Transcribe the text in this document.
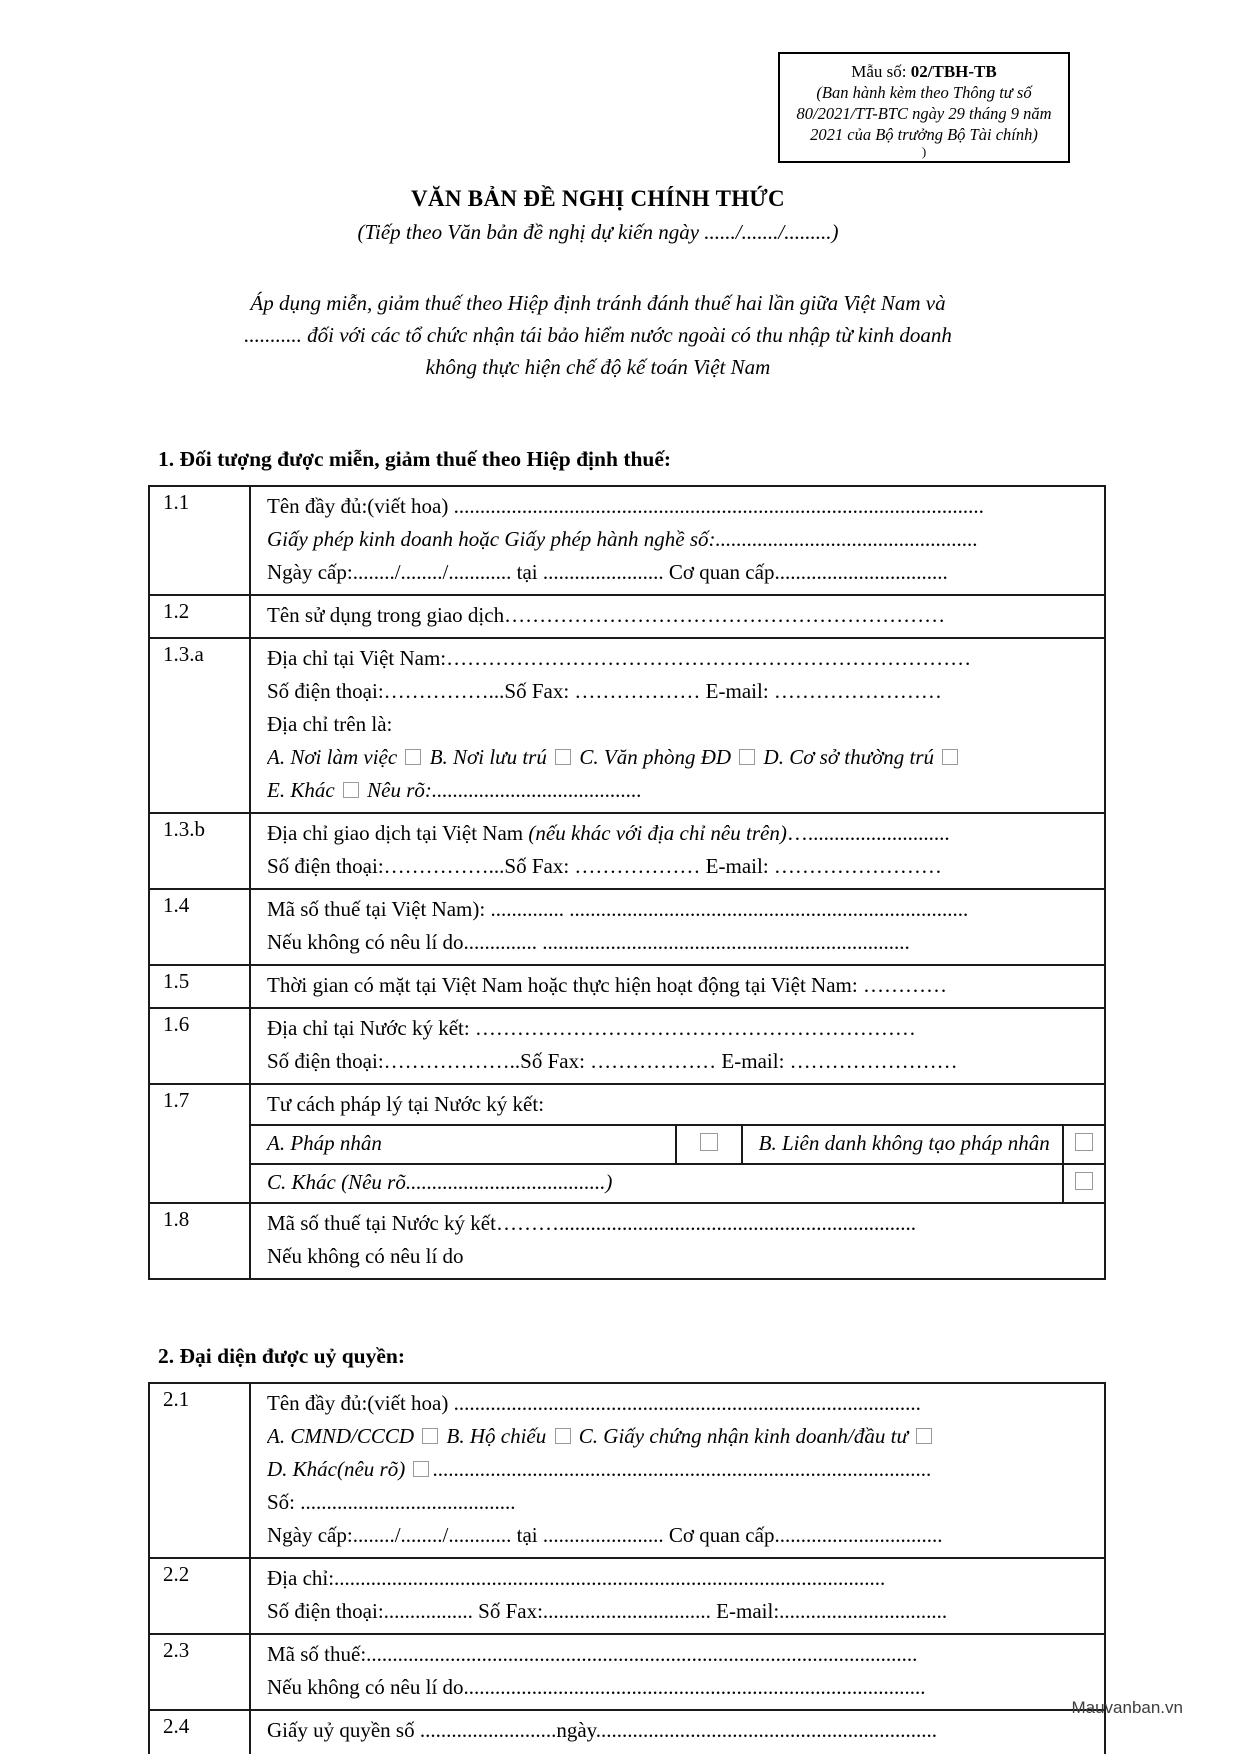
Mẫu số: 02/TBH-TB
(Ban hành kèm theo Thông tư số
80/2021/TT-BTC ngày 29 tháng 9 năm
2021 của Bộ trưởng Bộ Tài chính)
)
VĂN BẢN ĐỀ NGHỊ CHÍNH THỨC
(Tiếp theo Văn bản đề nghị dự kiến ngày ....../......./.........)
Áp dụng miễn, giảm thuế theo Hiệp định tránh đánh thuế hai lần giữa Việt Nam và
........... đối với các tổ chức nhận tái bảo hiểm nước ngoài có thu nhập từ kinh doanh
không thực hiện chế độ kế toán Việt Nam
1. Đối tượng được miễn, giảm thuế theo Hiệp định thuế:
1.1	Tên đầy đủ:(viết hoa) .....................................................................................................
Giấy phép kinh doanh hoặc Giấy phép hành nghề số:..................................................
Ngày cấp:......../......../............ tại ....................... Cơ quan cấp.................................

1.2	Tên sử dụng trong giao dịch………………………………………………………

1.3.a	Địa chỉ tại Việt Nam:…………………………………………………………………
Số điện thoại:……………...Số Fax: ……………… E-mail: ……………………
Địa chỉ trên là:
A. Nơi làm việc  B. Nơi lưu trú  C. Văn phòng ĐD  D. Cơ sở thường trú
E. Khác  Nêu rõ:........................................

1.3.b	Địa chỉ giao dịch tại Việt Nam (nếu khác với địa chỉ nêu trên)…...........................
Số điện thoại:……………...Số Fax: ……………… E-mail: ……………………

1.4	Mã số thuế tại Việt Nam): .............. ............................................................................
Nếu không có nêu lí do.............. ......................................................................

1.5	Thời gian có mặt tại Việt Nam hoặc thực hiện hoạt động tại Việt Nam: …………

1.6	Địa chỉ tại Nước ký kết: ………………………………………………………
Số điện thoại:………………..Số Fax: ……………… E-mail: ……………………

1.7	Tư cách pháp lý tại Nước ký kết:
A. Pháp nhân		B. Liên danh không tạo pháp nhân	
C. Khác (Nêu rõ......................................)	

1.8	Mã số thuế tại Nước ký kết………....................................................................
Nếu không có nêu lí do
2. Đại diện được uỷ quyền:
2.1	Tên đầy đủ:(viết hoa) .........................................................................................
A. CMND/CCCD  B. Hộ chiếu  C. Giấy chứng nhận kinh doanh/đầu tư
D. Khác(nêu rõ) ...............................................................................................
Số: .........................................
Ngày cấp:......../......../............ tại ....................... Cơ quan cấp................................

2.2	Địa chỉ:.........................................................................................................
Số điện thoại:................. Số Fax:................................ E-mail:................................

2.3	Mã số thuế:.........................................................................................................
Nếu không có nêu lí do........................................................................................

2.4	Giấy uỷ quyền số ..........................ngày.................................................................
Mauvanban.vn
